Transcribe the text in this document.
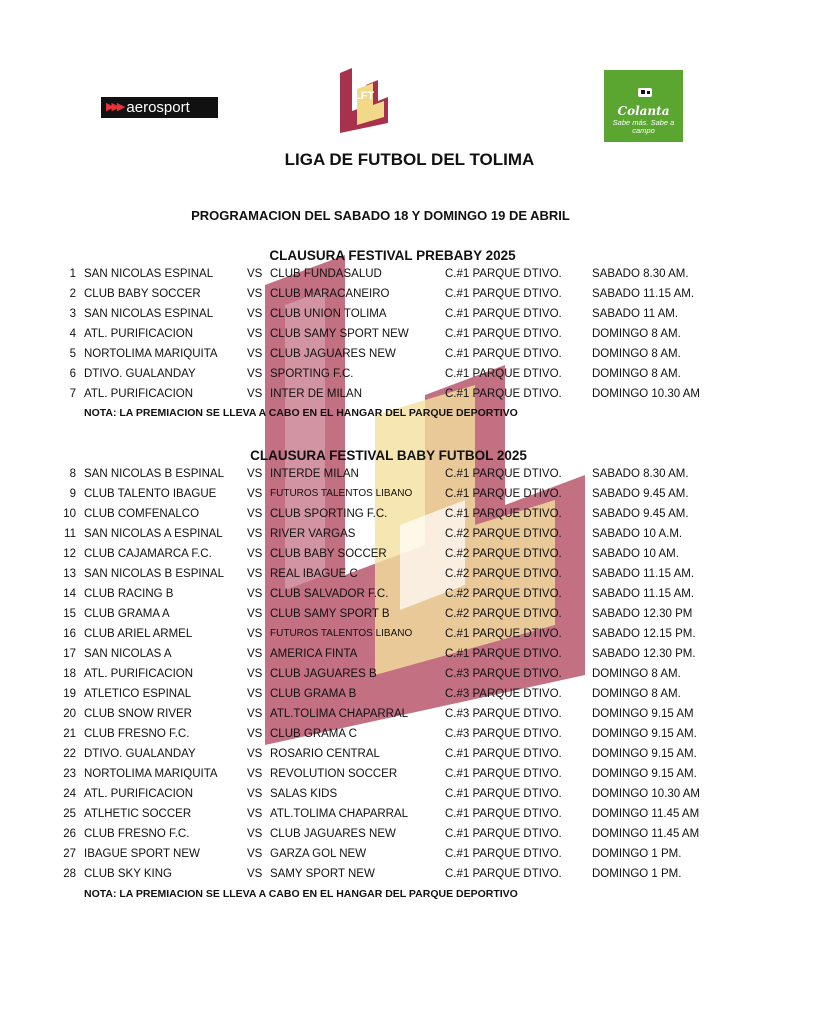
▶▶▶ aerosport
LFT
Colanta
Sabe más. Sabe a campo
LIGA DE FUTBOL DEL TOLIMA
PROGRAMACION DEL SABADO 18 Y DOMINGO 19 DE ABRIL
CLAUSURA FESTIVAL PREBABY 2025
1 SAN NICOLAS ESPINAL	VS CLUB FUNDASALUD	C.#1 PARQUE DTIVO.	SABADO 8.30 AM.
2 CLUB BABY SOCCER	VS CLUB MARACANEIRO	C.#1 PARQUE DTIVO.	SABADO 11.15 AM.
3 SAN NICOLAS ESPINAL	VS CLUB UNION TOLIMA	C.#1 PARQUE DTIVO.	SABADO 11 AM.
4 ATL. PURIFICACION	VS CLUB SAMY SPORT NEW	C.#1 PARQUE DTIVO.	DOMINGO 8 AM.
5 NORTOLIMA MARIQUITA	VS CLUB JAGUARES NEW	C.#1 PARQUE DTIVO.	DOMINGO 8 AM.
6 DTIVO. GUALANDAY	VS SPORTING F.C.	C.#1 PARQUE DTIVO.	DOMINGO 8 AM.
7 ATL. PURIFICACION	VS INTER DE MILAN	C.#1 PARQUE DTIVO.	DOMINGO 10.30 AM
NOTA: LA PREMIACION SE LLEVA A CABO EN EL HANGAR DEL PARQUE DEPORTIVO
CLAUSURA FESTIVAL BABY FUTBOL 2025
8 SAN NICOLAS B ESPINAL VS INTERDE MILAN	C.#1 PARQUE DTIVO.	SABADO 8.30 AM.
9 CLUB TALENTO IBAGUE	VS FUTUROS TALENTOS LIBANO	C.#1 PARQUE DTIVO.	SABADO 9.45 AM.
10 CLUB COMFENALCO	VS CLUB SPORTING F.C.	C.#1 PARQUE DTIVO.	SABADO 9.45 AM.
11 SAN NICOLAS A ESPINAL VS RIVER VARGAS	C.#2 PARQUE DTIVO.	SABADO 10 A.M.
12 CLUB CAJAMARCA F.C.	VS CLUB BABY SOCCER	C.#2 PARQUE DTIVO.	SABADO 10 AM.
13 SAN NICOLAS B ESPINAL VS REAL IBAGUE C	C.#2 PARQUE DTIVO.	SABADO 11.15 AM.
14 CLUB RACING B	VS CLUB SALVADOR F.C.	C.#2 PARQUE DTIVO.	SABADO 11.15 AM.
15 CLUB GRAMA A	VS CLUB SAMY SPORT B	C.#2 PARQUE DTIVO.	SABADO 12.30 PM
16 CLUB ARIEL ARMEL	VS FUTUROS TALENTOS LIBANO	C.#1 PARQUE DTIVO.	SABADO 12.15 PM.
17 SAN NICOLAS A	VS AMERICA FINTA	C.#1 PARQUE DTIVO.	SABADO 12.30 PM.
18 ATL. PURIFICACION	VS CLUB JAGUARES B	C.#3 PARQUE DTIVO.	DOMINGO 8 AM.
19 ATLETICO ESPINAL	VS CLUB GRAMA B	C.#3 PARQUE DTIVO.	DOMINGO 8 AM.
20 CLUB SNOW RIVER	VS ATL.TOLIMA CHAPARRAL	C.#3 PARQUE DTIVO.	DOMINGO 9.15 AM
21 CLUB FRESNO F.C.	VS CLUB GRAMA C	C.#3 PARQUE DTIVO.	DOMINGO 9.15 AM.
22 DTIVO. GUALANDAY	VS ROSARIO CENTRAL	C.#1 PARQUE DTIVO.	DOMINGO 9.15 AM.
23 NORTOLIMA MARIQUITA	VS REVOLUTION SOCCER	C.#1 PARQUE DTIVO.	DOMINGO 9.15 AM.
24 ATL. PURIFICACION	VS SALAS KIDS	C.#1 PARQUE DTIVO.	DOMINGO 10.30 AM
25 ATLHETIC SOCCER	VS ATL.TOLIMA CHAPARRAL	C.#1 PARQUE DTIVO.	DOMINGO 11.45 AM
26 CLUB FRESNO F.C.	VS CLUB JAGUARES NEW	C.#1 PARQUE DTIVO.	DOMINGO 11.45 AM
27 IBAGUE SPORT NEW	VS GARZA GOL NEW	C.#1 PARQUE DTIVO.	DOMINGO 1 PM.
28 CLUB SKY KING	VS SAMY SPORT NEW	C.#1 PARQUE DTIVO.	DOMINGO 1 PM.
NOTA: LA PREMIACION SE LLEVA A CABO EN EL HANGAR DEL PARQUE DEPORTIVO
